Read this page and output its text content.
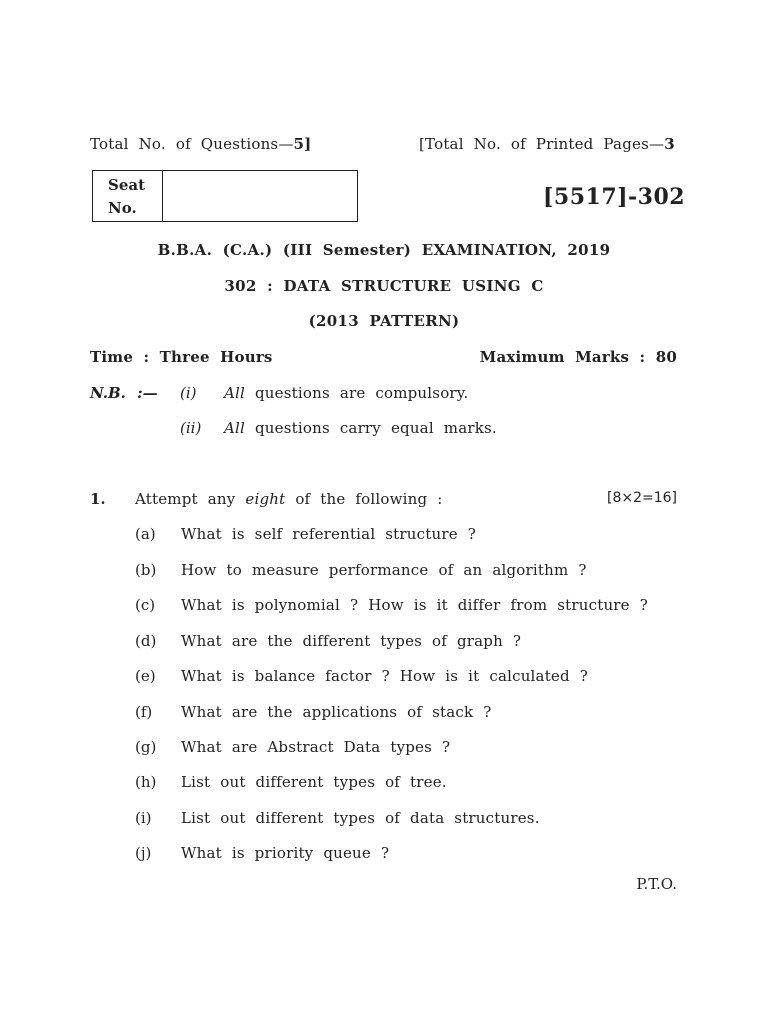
Total No. of Questions—5]	[Total No. of Printed Pages—3
Seat
No.	[5517]-302
B.B.A. (C.A.) (III Semester) EXAMINATION, 2019
302 : DATA STRUCTURE USING C
(2013 PATTERN)
Time : Three Hours	Maximum Marks : 80
N.B. :— (i) All questions are compulsory.
(ii) All questions carry equal marks.
1. Attempt any eight of the following :	[8×2=16]
(a) What is self referential structure ?
(b) How to measure performance of an algorithm ?
(c) What is polynomial ? How is it differ from structure ?
(d) What are the different types of graph ?
(e) What is balance factor ? How is it calculated ?
(f) What are the applications of stack ?
(g) What are Abstract Data types ?
(h) List out different types of tree.
(i) List out different types of data structures.
(j) What is priority queue ?
P.T.O.
